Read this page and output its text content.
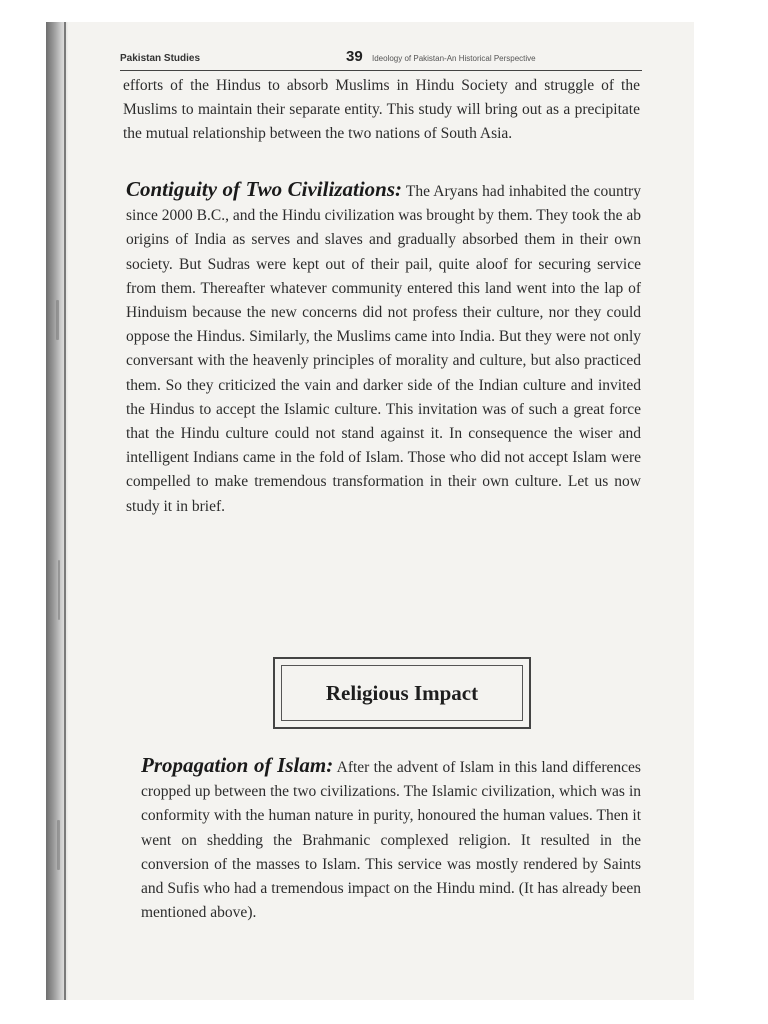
Pakistan Studies	39 Ideology of Pakistan-An Historical Perspective

efforts of the Hindus to absorb Muslims in Hindu Society and struggle of the Muslims to maintain their separate entity. This study will bring out as a precipitate the mutual relationship between the two nations of South Asia.

Contiguity of Two Civilizations: The Aryans had inhabited the country since 2000 B.C., and the Hindu civilization was brought by them. They took the ab origins of India as serves and slaves and gradually absorbed them in their own society. But Sudras were kept out of their pail, quite aloof for securing service from them. Thereafter whatever community entered this land went into the lap of Hinduism because the new concerns did not profess their culture, nor they could oppose the Hindus. Similarly, the Muslims came into India. But they were not only conversant with the heavenly principles of morality and culture, but also practiced them. So they criticized the vain and darker side of the Indian culture and invited the Hindus to accept the Islamic culture. This invitation was of such a great force that the Hindu culture could not stand against it. In consequence the wiser and intelligent Indians came in the fold of Islam. Those who did not accept Islam were compelled to make tremendous transformation in their own culture. Let us now study it in brief.

Religious Impact

Propagation of Islam: After the advent of Islam in this land differences cropped up between the two civilizations. The Islamic civilization, which was in conformity with the human nature in purity, honoured the human values. Then it went on shedding the Brahmanic complexed religion. It resulted in the conversion of the masses to Islam. This service was mostly rendered by Saints and Sufis who had a tremendous impact on the Hindu mind. (It has already been mentioned above).
